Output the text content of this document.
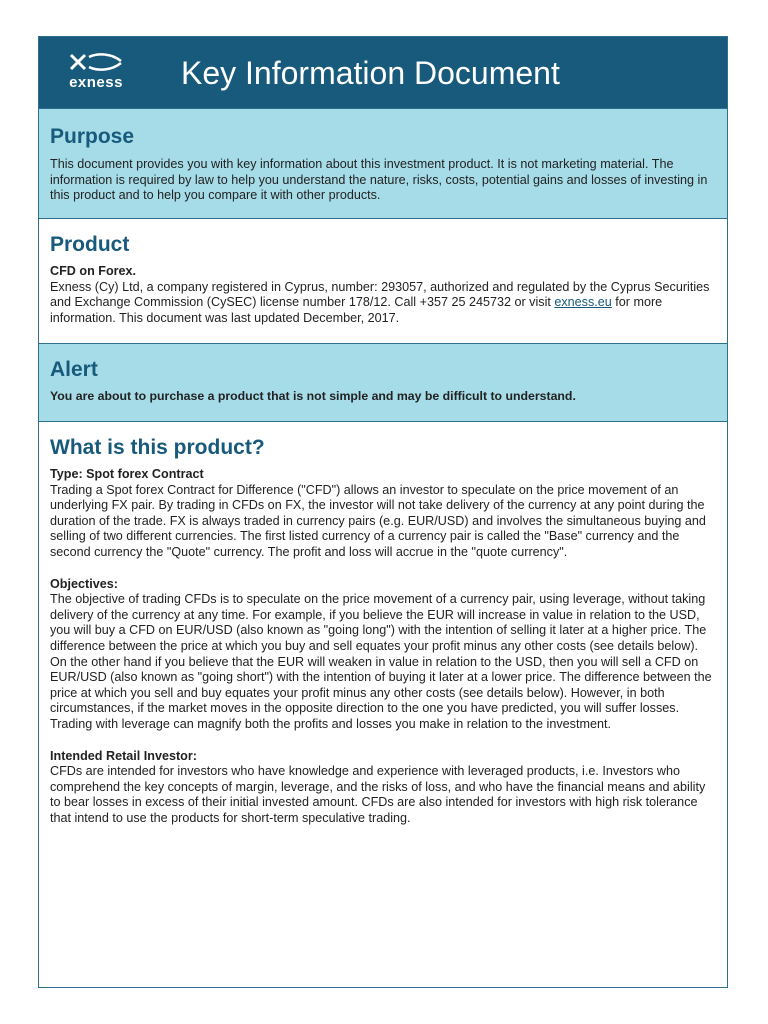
exness Key Information Document
Purpose

This document provides you with key information about this investment product. It is not marketing material. The information is required by law to help you understand the nature, risks, costs, potential gains and losses of investing in this product and to help you compare it with other products.

Product

CFD on Forex.

Exness (Cy) Ltd, a company registered in Cyprus, number: 293057, authorized and regulated by the Cyprus Securities and Exchange Commission (CySEC) license number 178/12. Call +357 25 245732 or visit exness.eu for more information. This document was last updated December, 2017.

Alert

You are about to purchase a product that is not simple and may be difficult to understand.

What is this product?

Type: Spot forex Contract

Trading a Spot forex Contract for Difference ("CFD") allows an investor to speculate on the price movement of an underlying FX pair. By trading in CFDs on FX, the investor will not take delivery of the currency at any point during the duration of the trade. FX is always traded in currency pairs (e.g. EUR/USD) and involves the simultaneous buying and selling of two different currencies. The first listed currency of a currency pair is called the "Base" currency and the second currency the "Quote" currency. The profit and loss will accrue in the "quote currency".

Objectives:

The objective of trading CFDs is to speculate on the price movement of a currency pair, using leverage, without taking delivery of the currency at any time. For example, if you believe the EUR will increase in value in relation to the USD, you will buy a CFD on EUR/USD (also known as "going long") with the intention of selling it later at a higher price. The difference between the price at which you buy and sell equates your profit minus any other costs (see details below). On the other hand if you believe that the EUR will weaken in value in relation to the USD, then you will sell a CFD on EUR/USD (also known as "going short") with the intention of buying it later at a lower price. The difference between the price at which you sell and buy equates your profit minus any other costs (see details below). However, in both circumstances, if the market moves in the opposite direction to the one you have predicted, you will suffer losses. Trading with leverage can magnify both the profits and losses you make in relation to the investment.

Intended Retail Investor:

CFDs are intended for investors who have knowledge and experience with leveraged products, i.e. Investors who comprehend the key concepts of margin, leverage, and the risks of loss, and who have the financial means and ability to bear losses in excess of their initial invested amount. CFDs are also intended for investors with high risk tolerance that intend to use the products for short-term speculative trading.
